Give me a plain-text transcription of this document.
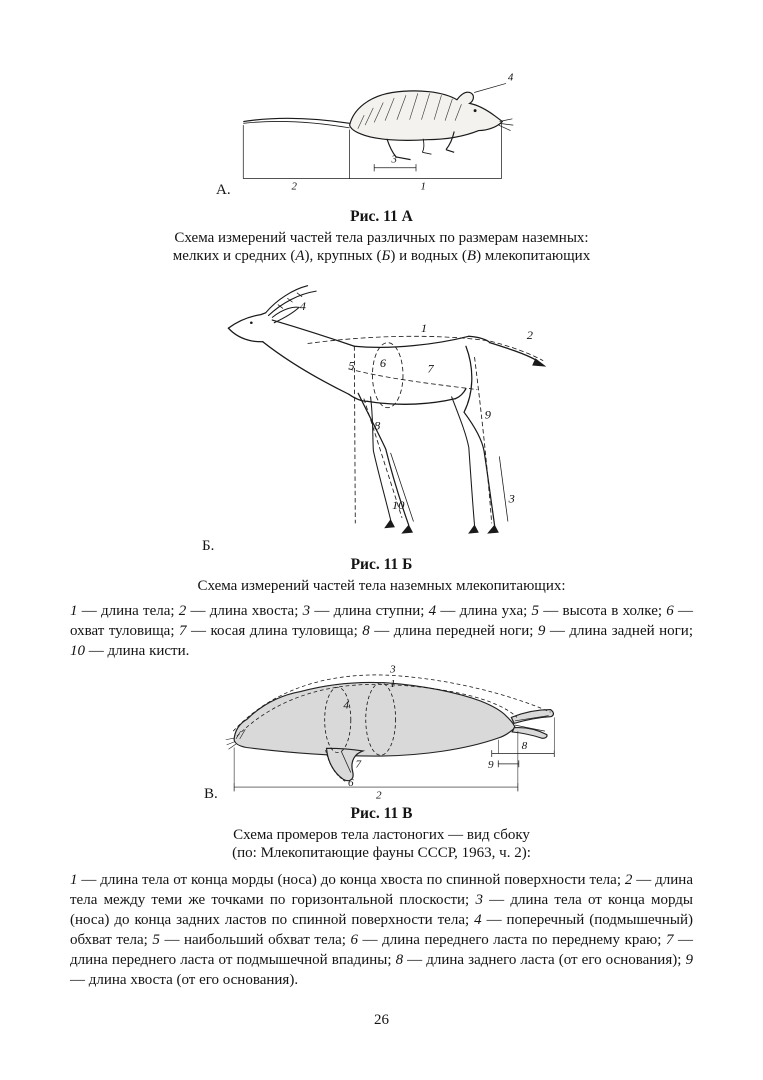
1
2
3
4
А.
Рис. 11 А
Схема измерений частей тела различных по размерам наземных:
мелких и средних (А), крупных (Б) и водных (В) млекопитающих
1
2
3
4
5 6	7
8
9
10
Б.
Рис. 11 Б
Схема измерений частей тела наземных млекопитающих:

1 — длина тела; 2 — длина хвоста; 3 — длина ступни; 4 — длина уха; 5 — высота в холке; 6 — охват туловища; 7 — косая длина туловища; 8 — длина передней ноги; 9 — длина задней ноги; 10 — длина кисти.

1
2
3
4
6
7
8
9
В.
Рис. 11 В
Схема промеров тела ластоногих — вид сбоку
(по: Млекопитающие фауны СССР, 1963, ч. 2):

1 — длина тела от конца морды (носа) до конца хвоста по спинной поверхности тела; 2 — длина тела между теми же точками по горизонтальной плоскости; 3 — длина тела от конца морды (носа) до конца задних ластов по спинной поверхности тела; 4 — поперечный (подмышечный) обхват тела; 5 — наибольший обхват тела; 6 — длина переднего ласта по переднему краю; 7 — длина переднего ласта от подмышечной впадины; 8 — длина заднего ласта (от его основания); 9 — длина хвоста (от его основания).

26
